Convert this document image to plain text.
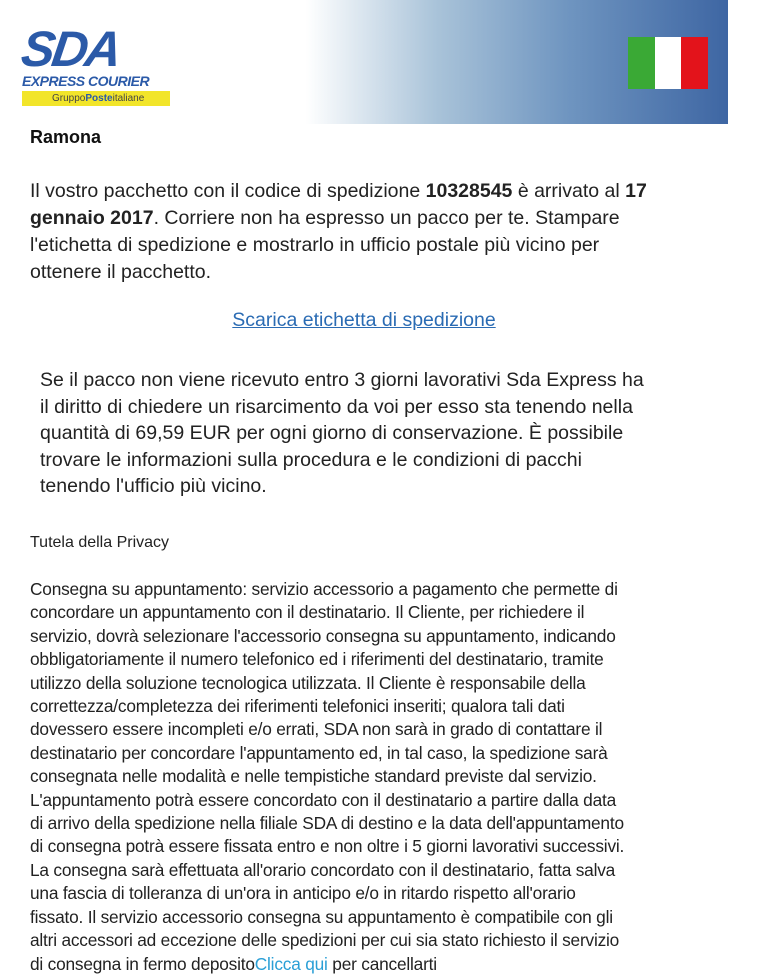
SDA
EXPRESS COURIER
GruppoPosteitaliane
Ramona
Il vostro pacchetto con il codice di spedizione 10328545 è arrivato al 17
gennaio 2017. Corriere non ha espresso un pacco per te. Stampare
l'etichetta di spedizione e mostrarlo in ufficio postale più vicino per
ottenere il pacchetto.
Scarica etichetta di spedizione
Se il pacco non viene ricevuto entro 3 giorni lavorativi Sda Express ha
il diritto di chiedere un risarcimento da voi per esso sta tenendo nella
quantità di 69,59 EUR per ogni giorno di conservazione. È possibile
trovare le informazioni sulla procedura e le condizioni di pacchi
tenendo l'ufficio più vicino.
Tutela della Privacy
Consegna su appuntamento: servizio accessorio a pagamento che permette di
concordare un appuntamento con il destinatario. Il Cliente, per richiedere il
servizio, dovrà selezionare l'accessorio consegna su appuntamento, indicando
obbligatoriamente il numero telefonico ed i riferimenti del destinatario, tramite
utilizzo della soluzione tecnologica utilizzata. Il Cliente è responsabile della
correttezza/completezza dei riferimenti telefonici inseriti; qualora tali dati
dovessero essere incompleti e/o errati, SDA non sarà in grado di contattare il
destinatario per concordare l'appuntamento ed, in tal caso, la spedizione sarà
consegnata nelle modalità e nelle tempistiche standard previste dal servizio.
L'appuntamento potrà essere concordato con il destinatario a partire dalla data
di arrivo della spedizione nella filiale SDA di destino e la data dell'appuntamento
di consegna potrà essere fissata entro e non oltre i 5 giorni lavorativi successivi.
La consegna sarà effettuata all'orario concordato con il destinatario, fatta salva
una fascia di tolleranza di un'ora in anticipo e/o in ritardo rispetto all'orario
fissato. Il servizio accessorio consegna su appuntamento è compatibile con gli
altri accessori ad eccezione delle spedizioni per cui sia stato richiesto il servizio
di consegna in fermo depositoClicca qui per cancellarti
